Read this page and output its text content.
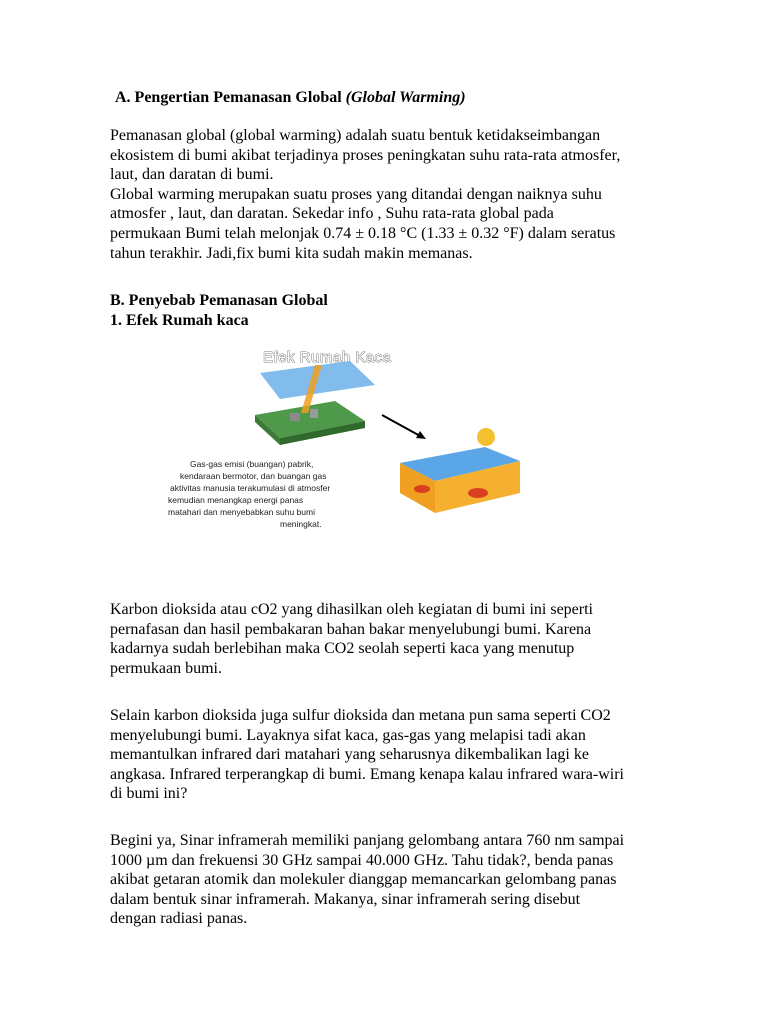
A. Pengertian Pemanasan Global (Global Warming)
Pemanasan global (global warming) adalah suatu bentuk ketidakseimbangan
ekosistem di bumi akibat terjadinya proses peningkatan suhu rata-rata atmosfer,
laut, dan daratan di bumi.
Global warming merupakan suatu proses yang ditandai dengan naiknya suhu
atmosfer , laut, dan daratan. Sekedar info , Suhu rata-rata global pada
permukaan Bumi telah melonjak 0.74 ± 0.18 °C (1.33 ± 0.32 °F) dalam seratus
tahun terakhir. Jadi,fix bumi kita sudah makin memanas.
B. Penyebab Pemanasan Global
1. Efek Rumah kaca
Efek Rumah Kaca
Gas-gas emisi (buangan) pabrik,
kendaraan bermotor, dan buangan gas
aktivitas manusia terakumulasi di atmosfer
kemudian menangkap energi panas
matahari dan menyebabkan suhu bumi
meningkat.
Karbon dioksida atau cO2 yang dihasilkan oleh kegiatan di bumi ini seperti
pernafasan dan hasil pembakaran bahan bakar menyelubungi bumi. Karena
kadarnya sudah berlebihan maka CO2 seolah seperti kaca yang menutup
permukaan bumi.
Selain karbon dioksida juga sulfur dioksida dan metana pun sama seperti CO2
menyelubungi bumi. Layaknya sifat kaca, gas-gas yang melapisi tadi akan
memantulkan infrared dari matahari yang seharusnya dikembalikan lagi ke
angkasa. Infrared terperangkap di bumi. Emang kenapa kalau infrared wara-wiri
di bumi ini?
Begini ya, Sinar inframerah memiliki panjang gelombang antara 760 nm sampai
1000 µm dan frekuensi 30 GHz sampai 40.000 GHz. Tahu tidak?, benda panas
akibat getaran atomik dan molekuler dianggap memancarkan gelombang panas
dalam bentuk sinar inframerah. Makanya, sinar inframerah sering disebut
dengan radiasi panas.
